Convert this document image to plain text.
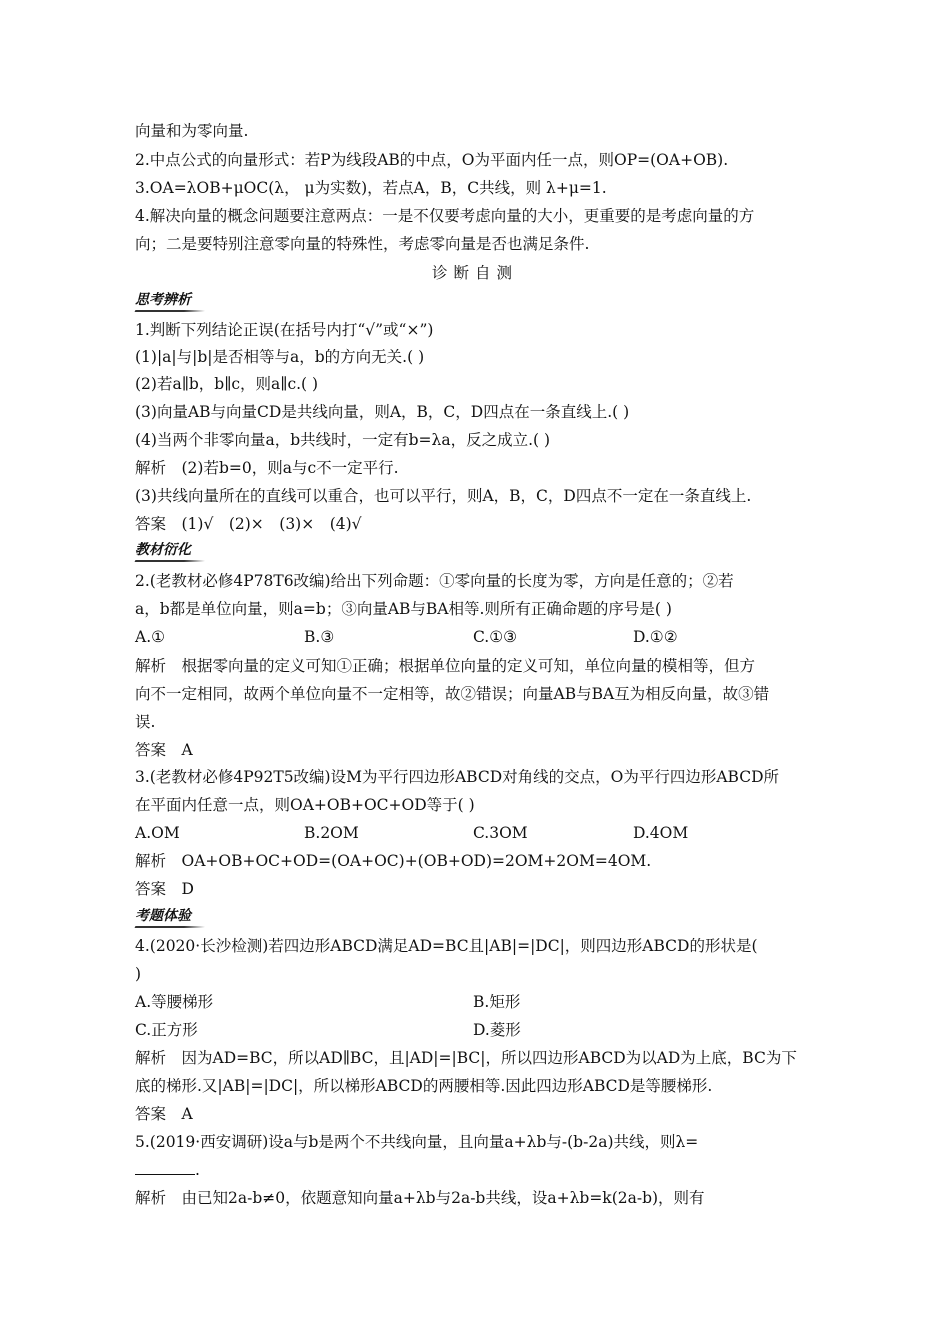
向量和为零向量.
2.中点公式的向量形式：若P为线段AB的中点，O为平面内任一点，则OP=(OA+OB).
3.OA=λOB+μOC(λ， μ为实数)，若点A，B，C共线，则 λ+μ=1.
4.解决向量的概念问题要注意两点：一是不仅要考虑向量的大小，更重要的是考虑向量的方
向；二是要特别注意零向量的特殊性，考虑零向量是否也满足条件.
诊断自测
思考辨析
1.判断下列结论正误(在括号内打“√”或“×”)
(1)|a|与|b|是否相等与a，b的方向无关.( )
(2)若a∥b，b∥c，则a∥c.( )
(3)向量AB与向量CD是共线向量，则A，B，C，D四点在一条直线上.( )
(4)当两个非零向量a，b共线时，一定有b=λa，反之成立.( )
解析　(2)若b=0，则a与c不一定平行.
(3)共线向量所在的直线可以重合，也可以平行，则A，B，C，D四点不一定在一条直线上.
答案　(1)√　(2)×　(3)×　(4)√
教材衍化
2.(老教材必修4P78T6改编)给出下列命题：①零向量的长度为零，方向是任意的；②若
a，b都是单位向量，则a=b；③向量AB与BA相等.则所有正确命题的序号是( )
A.①	B.③	C.①③	D.①②
解析　根据零向量的定义可知①正确；根据单位向量的定义可知，单位向量的模相等，但方
向不一定相同，故两个单位向量不一定相等，故②错误；向量AB与BA互为相反向量，故③错
误.
答案　A
3.(老教材必修4P92T5改编)设M为平行四边形ABCD对角线的交点，O为平行四边形ABCD所
在平面内任意一点，则OA+OB+OC+OD等于( )
A.OM	B.2OM	C.3OM	D.4OM
解析　OA+OB+OC+OD=(OA+OC)+(OB+OD)=2OM+2OM=4OM.
答案　D
考题体验
4.(2020·长沙检测)若四边形ABCD满足AD=BC且|AB|=|DC|，则四边形ABCD的形状是(
)
A.等腰梯形	B.矩形
C.正方形	D.菱形
解析　因为AD=BC，所以AD∥BC，且|AD|=|BC|，所以四边形ABCD为以AD为上底，BC为下
底的梯形.又|AB|=|DC|，所以梯形ABCD的两腰相等.因此四边形ABCD是等腰梯形.
答案　A
5.(2019·西安调研)设a与b是两个不共线向量，且向量a+λb与-(b-2a)共线，则λ=
.
解析　由已知2a-b≠0，依题意知向量a+λb与2a-b共线，设a+λb=k(2a-b)，则有
